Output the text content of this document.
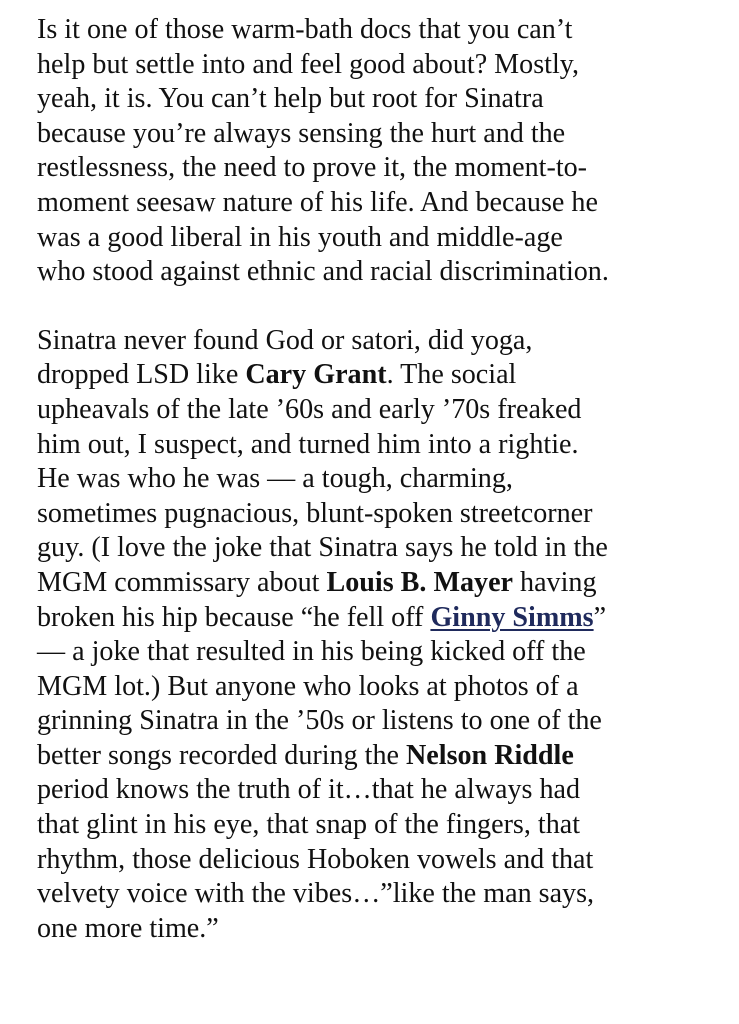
Is it one of those warm-bath docs that you can’t
help but settle into and feel good about? Mostly,
yeah, it is. You can’t help but root for Sinatra
because you’re always sensing the hurt and the
restlessness, the need to prove it, the moment-to-
moment seesaw nature of his life. And because he
was a good liberal in his youth and middle-age
who stood against ethnic and racial discrimination.

Sinatra never found God or satori, did yoga,
dropped LSD like Cary Grant. The social
upheavals of the late ’60s and early ’70s freaked
him out, I suspect, and turned him into a rightie.
He was who he was — a tough, charming,
sometimes pugnacious, blunt-spoken streetcorner
guy. (I love the joke that Sinatra says he told in the
MGM commissary about Louis B. Mayer having
broken his hip because “he fell off Ginny Simms”
— a joke that resulted in his being kicked off the
MGM lot.) But anyone who looks at photos of a
grinning Sinatra in the ’50s or listens to one of the
better songs recorded during the Nelson Riddle
period knows the truth of it…that he always had
that glint in his eye, that snap of the fingers, that
rhythm, those delicious Hoboken vowels and that
velvety voice with the vibes…”like the man says,
one more time.”
